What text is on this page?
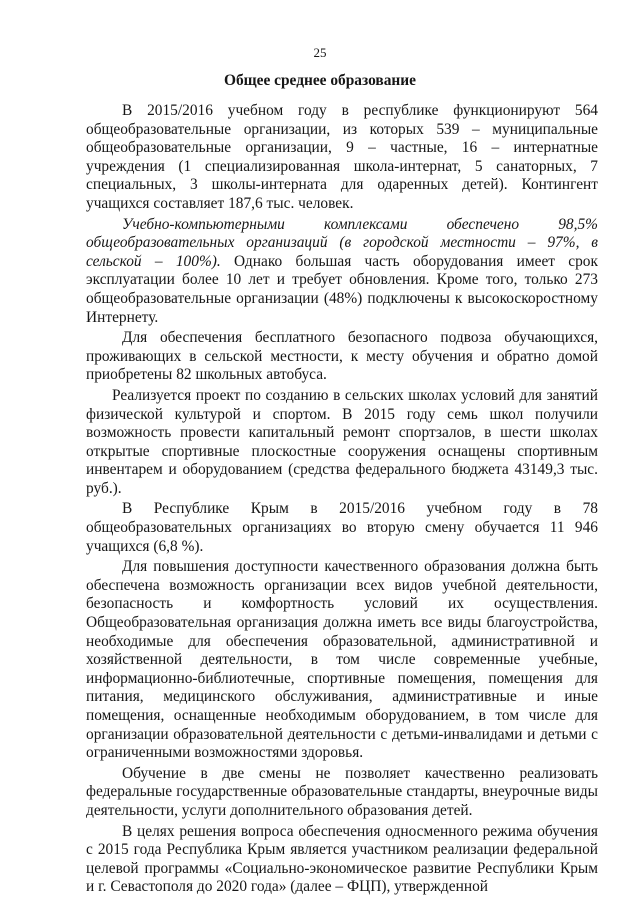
25
Общее среднее образование

В 2015/2016 учебном году в республике функционируют 564 общеобразовательные организации, из которых 539 – муниципальные общеобразовательные организации, 9 – частные, 16 – интернатные учреждения (1 специализированная школа-интернат, 5 санаторных, 7 специальных, 3 школы-интерната для одаренных детей). Контингент учащихся составляет 187,6 тыс. человек.

Учебно-компьютерными комплексами обеспечено 98,5% общеобразовательных организаций (в городской местности – 97%, в сельской – 100%). Однако большая часть оборудования имеет срок эксплуатации более 10 лет и требует обновления. Кроме того, только 273 общеобразовательные организации (48%) подключены к высокоскоростному Интернету.

Для обеспечения бесплатного безопасного подвоза обучающихся, проживающих в сельской местности, к месту обучения и обратно домой приобретены 82 школьных автобуса.

Реализуется проект по созданию в сельских школах условий для занятий физической культурой и спортом. В 2015 году семь школ получили возможность провести капитальный ремонт спортзалов, в шести школах открытые спортивные плоскостные сооружения оснащены спортивным инвентарем и оборудованием (средства федерального бюджета 43149,3 тыс. руб.).

В Республике Крым в 2015/2016 учебном году в 78 общеобразовательных организациях во вторую смену обучается 11 946 учащихся (6,8 %).

Для повышения доступности качественного образования должна быть обеспечена возможность организации всех видов учебной деятельности, безопасность и комфортность условий их осуществления. Общеобразовательная организация должна иметь все виды благоустройства, необходимые для обеспечения образовательной, административной и хозяйственной деятельности, в том числе современные учебные, информационно-библиотечные, спортивные помещения, помещения для питания, медицинского обслуживания, административные и иные помещения, оснащенные необходимым оборудованием, в том числе для организации образовательной деятельности с детьми-инвалидами и детьми с ограниченными возможностями здоровья.

Обучение в две смены не позволяет качественно реализовать федеральные государственные образовательные стандарты, внеурочные виды деятельности, услуги дополнительного образования детей.

В целях решения вопроса обеспечения односменного режима обучения с 2015 года Республика Крым является участником реализации федеральной целевой программы «Социально-экономическое развитие Республики Крым и г. Севастополя до 2020 года» (далее – ФЦП), утвержденной
